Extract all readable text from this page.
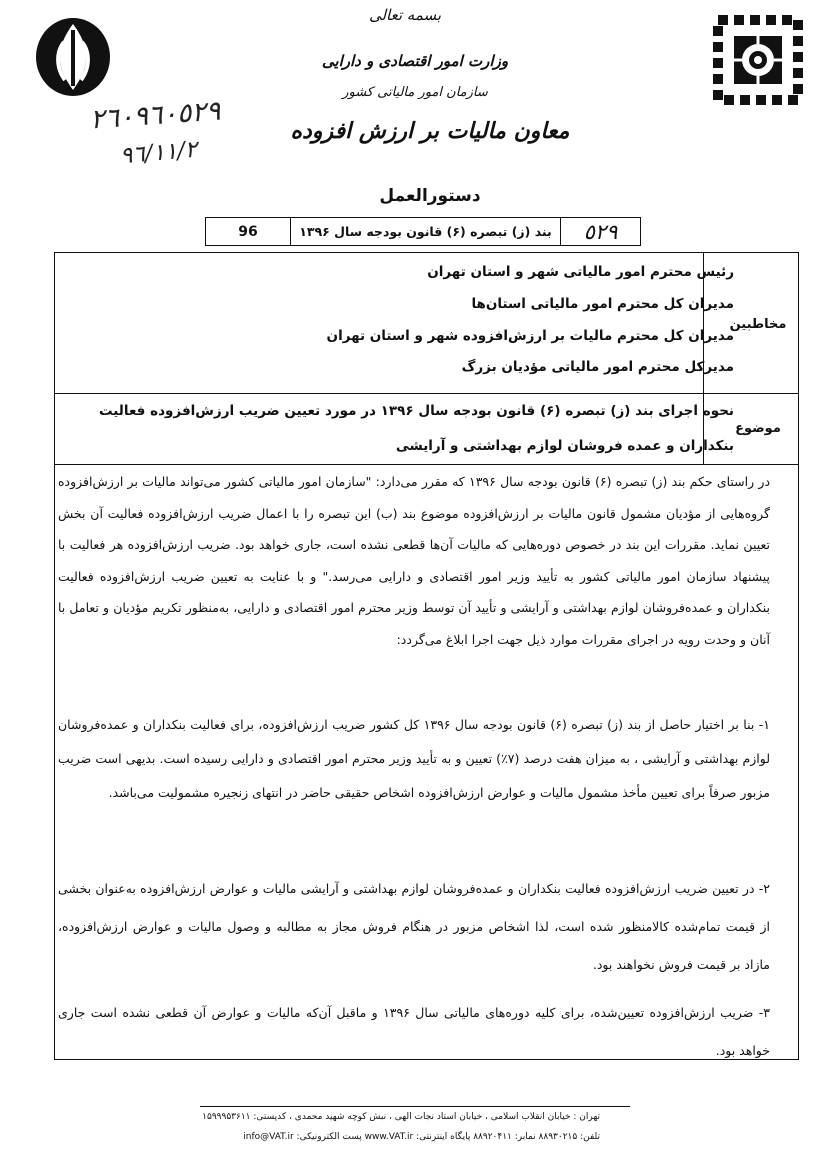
بسمه تعالی
وزارت امور اقتصادی و دارایی
سازمان امور مالیاتی کشور
معاون مالیات بر ارزش افزوده
٢٦٠٩٦٠٥٢٩
٩٦/١١/٢
دستورالعمل
٥٢٩
بند (ز) تبصره (۶) قانون بودجه سال ۱۳۹۶
96
مخاطبین
رئیس محترم امور مالیاتی شهر و استان تهران
مدیران کل محترم امور مالیاتی استان‌ها
مدیران کل محترم مالیات بر ارزش‌افزوده شهر و استان تهران
مدیرکل محترم امور مالیاتی مؤدیان بزرگ
موضوع
نحوه اجرای بند (ز) تبصره (۶) قانون بودجه سال ۱۳۹۶ در مورد تعیین ضریب ارزش‌افزوده فعالیت بنکداران و عمده فروشان لوازم بهداشتی و آرایشی
در راستای حکم بند (ز) تبصره (۶) قانون بودجه سال ۱۳۹۶ که مقرر می‌دارد: "سازمان امور مالیاتی کشور می‌تواند مالیات بر ارزش‌افزوده گروه‌هایی از مؤدیان مشمول قانون مالیات بر ارزش‌افزوده موضوع بند (ب) این تبصره را با اعمال ضریب ارزش‌افزوده فعالیت آن بخش تعیین نماید. مقررات این بند در خصوص دوره‌هایی که مالیات آن‌ها قطعی نشده است، جاری خواهد بود. ضریب ارزش‌افزوده هر فعالیت با پیشنهاد سازمان امور مالیاتی کشور به تأیید وزیر امور اقتصادی و دارایی می‌رسد." و با عنایت به تعیین ضریب ارزش‌افزوده فعالیت بنکداران و عمده‌فروشان لوازم بهداشتی و آرایشی و تأیید آن توسط وزیر محترم امور اقتصادی و دارایی، به‌منظور تکریم مؤدیان و تعامل با آنان و وحدت رویه در اجرای مقررات موارد ذیل جهت اجرا ابلاغ می‌گردد:
۱- بنا بر اختیار حاصل از بند (ز) تبصره (۶) قانون بودجه سال ۱۳۹۶ کل کشور ضریب ارزش‌افزوده، برای فعالیت بنکداران و عمده‌فروشان لوازم بهداشتی و آرایشی ، به میزان هفت درصد (۷٪) تعیین و به تأیید وزیر محترم امور اقتصادی و دارایی رسیده است. بدیهی است ضریب مزبور صرفاً برای تعیین مأخذ مشمول مالیات و عوارض ارزش‌افزوده اشخاص حقیقی حاضر در انتهای زنجیره مشمولیت می‌باشد.
۲- در تعیین ضریب ارزش‌افزوده فعالیت بنکداران و عمده‌فروشان لوازم بهداشتی و آرایشی مالیات و عوارض ارزش‌افزوده به‌عنوان بخشی از قیمت تمام‌شده کالامنظور شده است، لذا اشخاص مزبور در هنگام فروش مجاز به مطالبه و وصول مالیات و عوارض ارزش‌افزوده، مازاد بر قیمت فروش نخواهند بود.
۳- ضریب ارزش‌افزوده تعیین‌شده، برای کلیه دوره‌های مالیاتی سال ۱۳۹۶ و ماقبل آن‌که مالیات و عوارض آن قطعی نشده است جاری خواهد بود.
تهران : خیابان انقلاب اسلامی ، خیابان استاد نجات الهی ، نبش کوچه شهید محمدی ، کدپستی: ۱۵۹۹۹۵۳۶۱۱
تلفن: ۸۸۹۳۰۲۱۵ نمابر: ۸۸۹۲۰۴۱۱ پایگاه اینترنتی: www.VAT.ir پست الکترونیکی: info@VAT.ir
